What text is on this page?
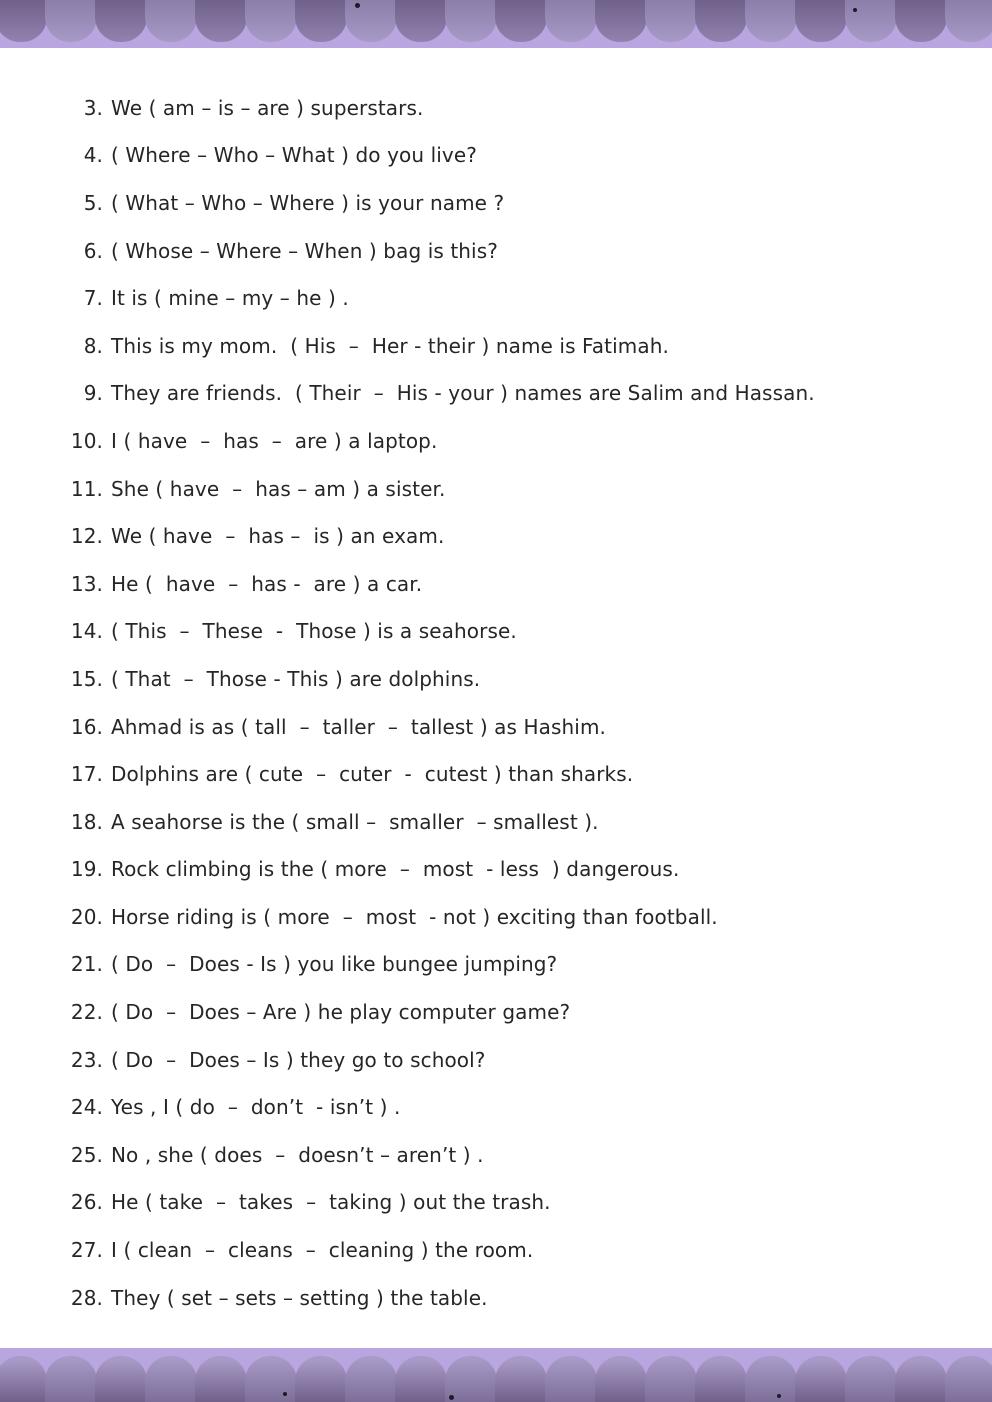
3. We ( am – is – are ) superstars.
4. ( Where – Who – What ) do you live?
5. ( What – Who – Where ) is your name ?
6. ( Whose – Where – When ) bag is this?
7. It is ( mine – my – he ) .
8. This is my mom.  ( His  –  Her - their ) name is Fatimah.
9. They are friends.  ( Their  –  His - your ) names are Salim and Hassan.
10. I ( have  –  has  –  are ) a laptop.
11. She ( have  –  has – am ) a sister.
12. We ( have  –  has –  is ) an exam.
13. He (  have  –  has -  are ) a car.
14. ( This  –  These  -  Those ) is a seahorse.
15. ( That  –  Those - This ) are dolphins.
16. Ahmad is as ( tall  –  taller  –  tallest ) as Hashim.
17. Dolphins are ( cute  –  cuter  -  cutest ) than sharks.
18. A seahorse is the ( small –  smaller  – smallest ).
19. Rock climbing is the ( more  –  most  - less  ) dangerous.
20. Horse riding is ( more  –  most  - not ) exciting than football.
21. ( Do  –  Does - Is ) you like bungee jumping?
22. ( Do  –  Does – Are ) he play computer game?
23. ( Do  –  Does – Is ) they go to school?
24. Yes , I ( do  –  don’t  - isn’t ) .
25. No , she ( does  –  doesn’t – aren’t ) .
26. He ( take  –  takes  –  taking ) out the trash.
27. I ( clean  –  cleans  –  cleaning ) the room.
28. They ( set – sets – setting ) the table.
